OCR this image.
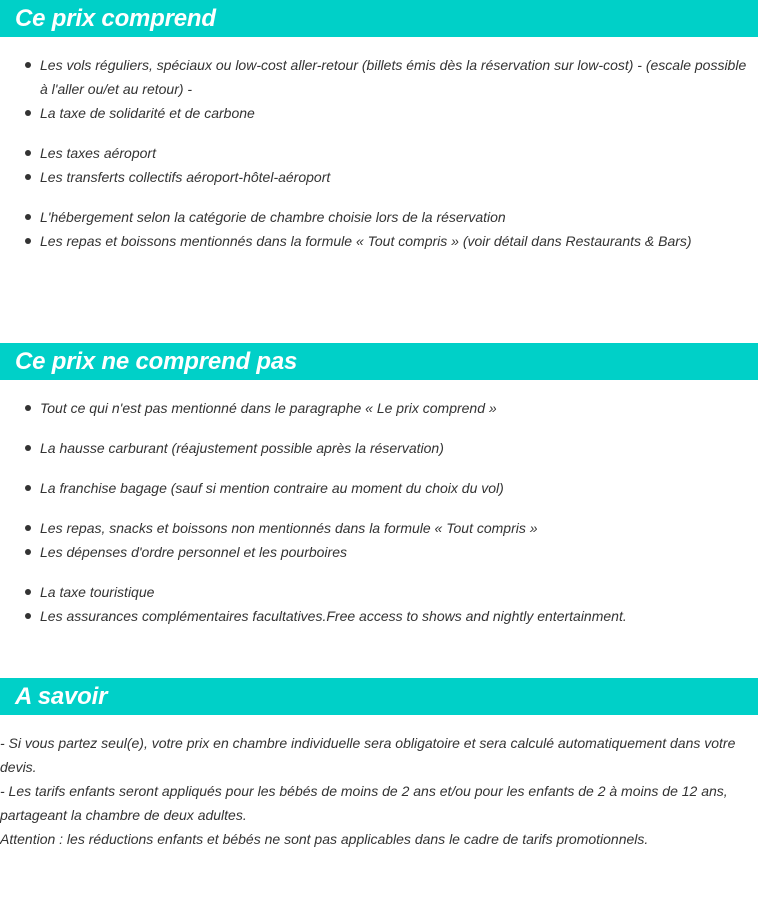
Ce prix comprend
Les vols réguliers, spéciaux ou low-cost aller-retour (billets émis dès la réservation sur low-cost) - (escale possible à l'aller ou/et au retour) -
La taxe de solidarité et de carbone
Les taxes aéroport
Les transferts collectifs aéroport-hôtel-aéroport
L'hébergement selon la catégorie de chambre choisie lors de la réservation
Les repas et boissons mentionnés dans la formule « Tout compris » (voir détail dans Restaurants & Bars)
Ce prix ne comprend pas
Tout ce qui n'est pas mentionné dans le paragraphe « Le prix comprend »
La hausse carburant (réajustement possible après la réservation)
La franchise bagage (sauf si mention contraire au moment du choix du vol)
Les repas, snacks et boissons non mentionnés dans la formule « Tout compris »
Les dépenses d'ordre personnel et les pourboires
La taxe touristique
Les assurances complémentaires facultatives.Free access to shows and nightly entertainment.
A savoir

- Si vous partez seul(e), votre prix en chambre individuelle sera obligatoire et sera calculé automatiquement dans votre devis.

- Les tarifs enfants seront appliqués pour les bébés de moins de 2 ans et/ou pour les enfants de 2 à moins de 12 ans, partageant la chambre de deux adultes.

Attention : les réductions enfants et bébés ne sont pas applicables dans le cadre de tarifs promotionnels.
